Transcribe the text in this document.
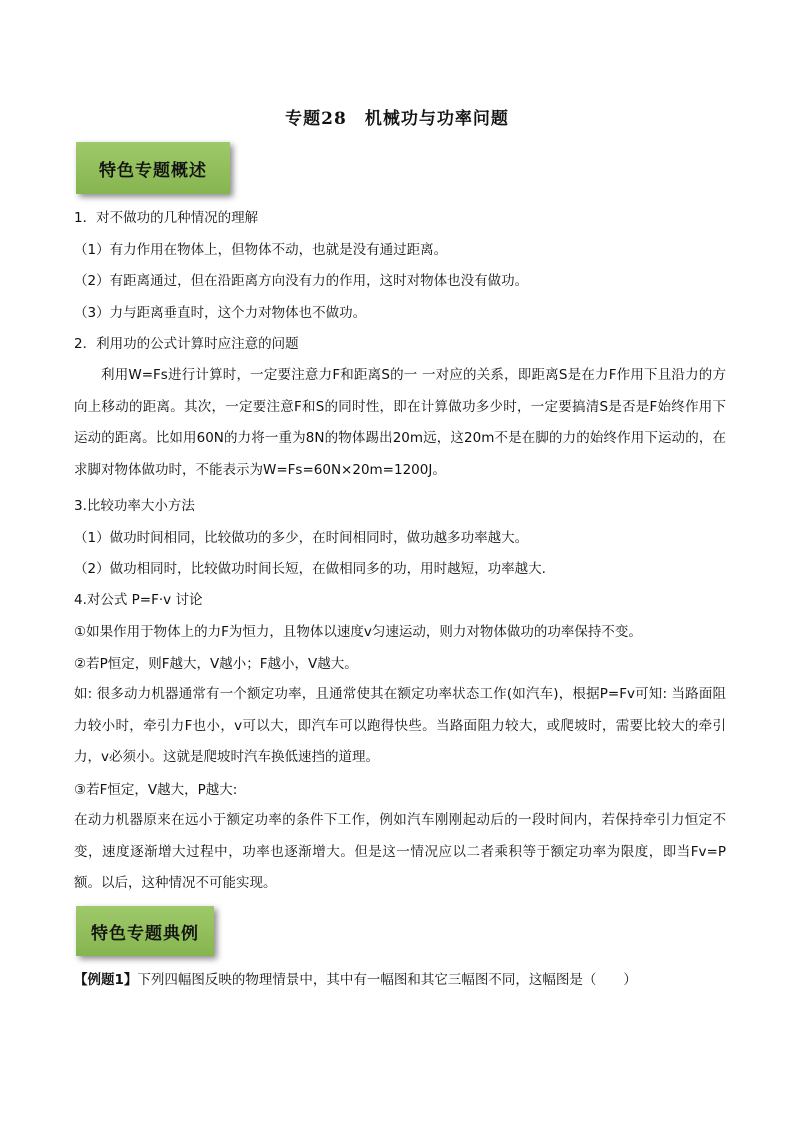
专题28　机械功与功率问题
特色专题概述
1．对不做功的几种情况的理解
（1）有力作用在物体上，但物体不动，也就是没有通过距离。
（2）有距离通过，但在沿距离方向没有力的作用，这时对物体也没有做功。
（3）力与距离垂直时，这个力对物体也不做功。
2．利用功的公式计算时应注意的问题

利用W=Fs进行计算时，一定要注意力F和距离S的一 一对应的关系，即距离S是在力F作用下且沿力的方向上移动的距离。其次，一定要注意F和S的同时性，即在计算做功多少时，一定要搞清S是否是F始终作用下运动的距离。比如用60N的力将一重为8N的物体踢出20m远，这20m不是在脚的力的始终作用下运动的，在求脚对物体做功时，不能表示为W=Fs=60N×20m=1200J。

3.比较功率大小方法
（1）做功时间相同，比较做功的多少，在时间相同时，做功越多功率越大。
（2）做功相同时，比较做功时间长短，在做相同多的功，用时越短，功率越大.
4.对公式 P=F·v 讨论
①如果作用于物体上的力F为恒力，且物体以速度v匀速运动，则力对物体做功的功率保持不变。
②若P恒定，则F越大，V越小；F越小，V越大。

如: 很多动力机器通常有一个额定功率，且通常使其在额定功率状态工作(如汽车)，根据P=Fv可知: 当路面阻力较小时，牵引力F也小，v可以大，即汽车可以跑得快些。当路面阻力较大，或爬坡时，需要比较大的牵引力，v必须小。这就是爬坡时汽车换低速挡的道理。

③若F恒定，V越大，P越大:

在动力机器原来在远小于额定功率的条件下工作，例如汽车刚刚起动后的一段时间内，若保持牵引力恒定不变，速度逐渐增大过程中，功率也逐渐增大。但是这一情况应以二者乘积等于额定功率为限度，即当Fv=P额。以后，这种情况不可能实现。

特色专题典例
【例题1】下列四幅图反映的物理情景中，其中有一幅图和其它三幅图不同，这幅图是（　　）
